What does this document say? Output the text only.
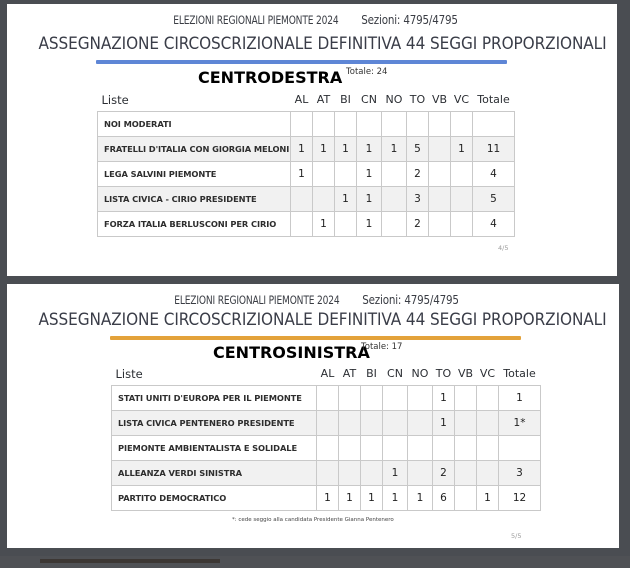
ELEZIONI REGIONALI PIEMONTE 2024 Sezioni: 4795/4795
ASSEGNAZIONE CIRCOSCRIZIONALE DEFINITIVA 44 SEGGI PROPORZIONALI
CENTRODESTRA Totale: 24
Liste	AL	AT	BI	CN	NO	TO	VB	VC	Totale
NOI MODERATI									
FRATELLI D'ITALIA CON GIORGIA MELONI	1	1	1	1	1	5		1	11
LEGA SALVINI PIEMONTE	1			1		2			4
LISTA CIVICA - CIRIO PRESIDENTE			1	1		3			5
FORZA ITALIA BERLUSCONI PER CIRIO		1		1		2			4
4/5
ELEZIONI REGIONALI PIEMONTE 2024 Sezioni: 4795/4795
ASSEGNAZIONE CIRCOSCRIZIONALE DEFINITIVA 44 SEGGI PROPORZIONALI
CENTROSINISTRA
Totale: 17
Liste	AL	AT	BI	CN	NO	TO	VB	VC	Totale
STATI UNITI D'EUROPA PER IL PIEMONTE						1			1
LISTA CIVICA PENTENERO PRESIDENTE						1			1*
PIEMONTE AMBIENTALISTA E SOLIDALE									
ALLEANZA VERDI SINISTRA				1		2			3
PARTITO DEMOCRATICO	1	1	1	1	1	6		1	12
*: cede seggio alla candidata Presidente Gianna Pentenero
5/5
